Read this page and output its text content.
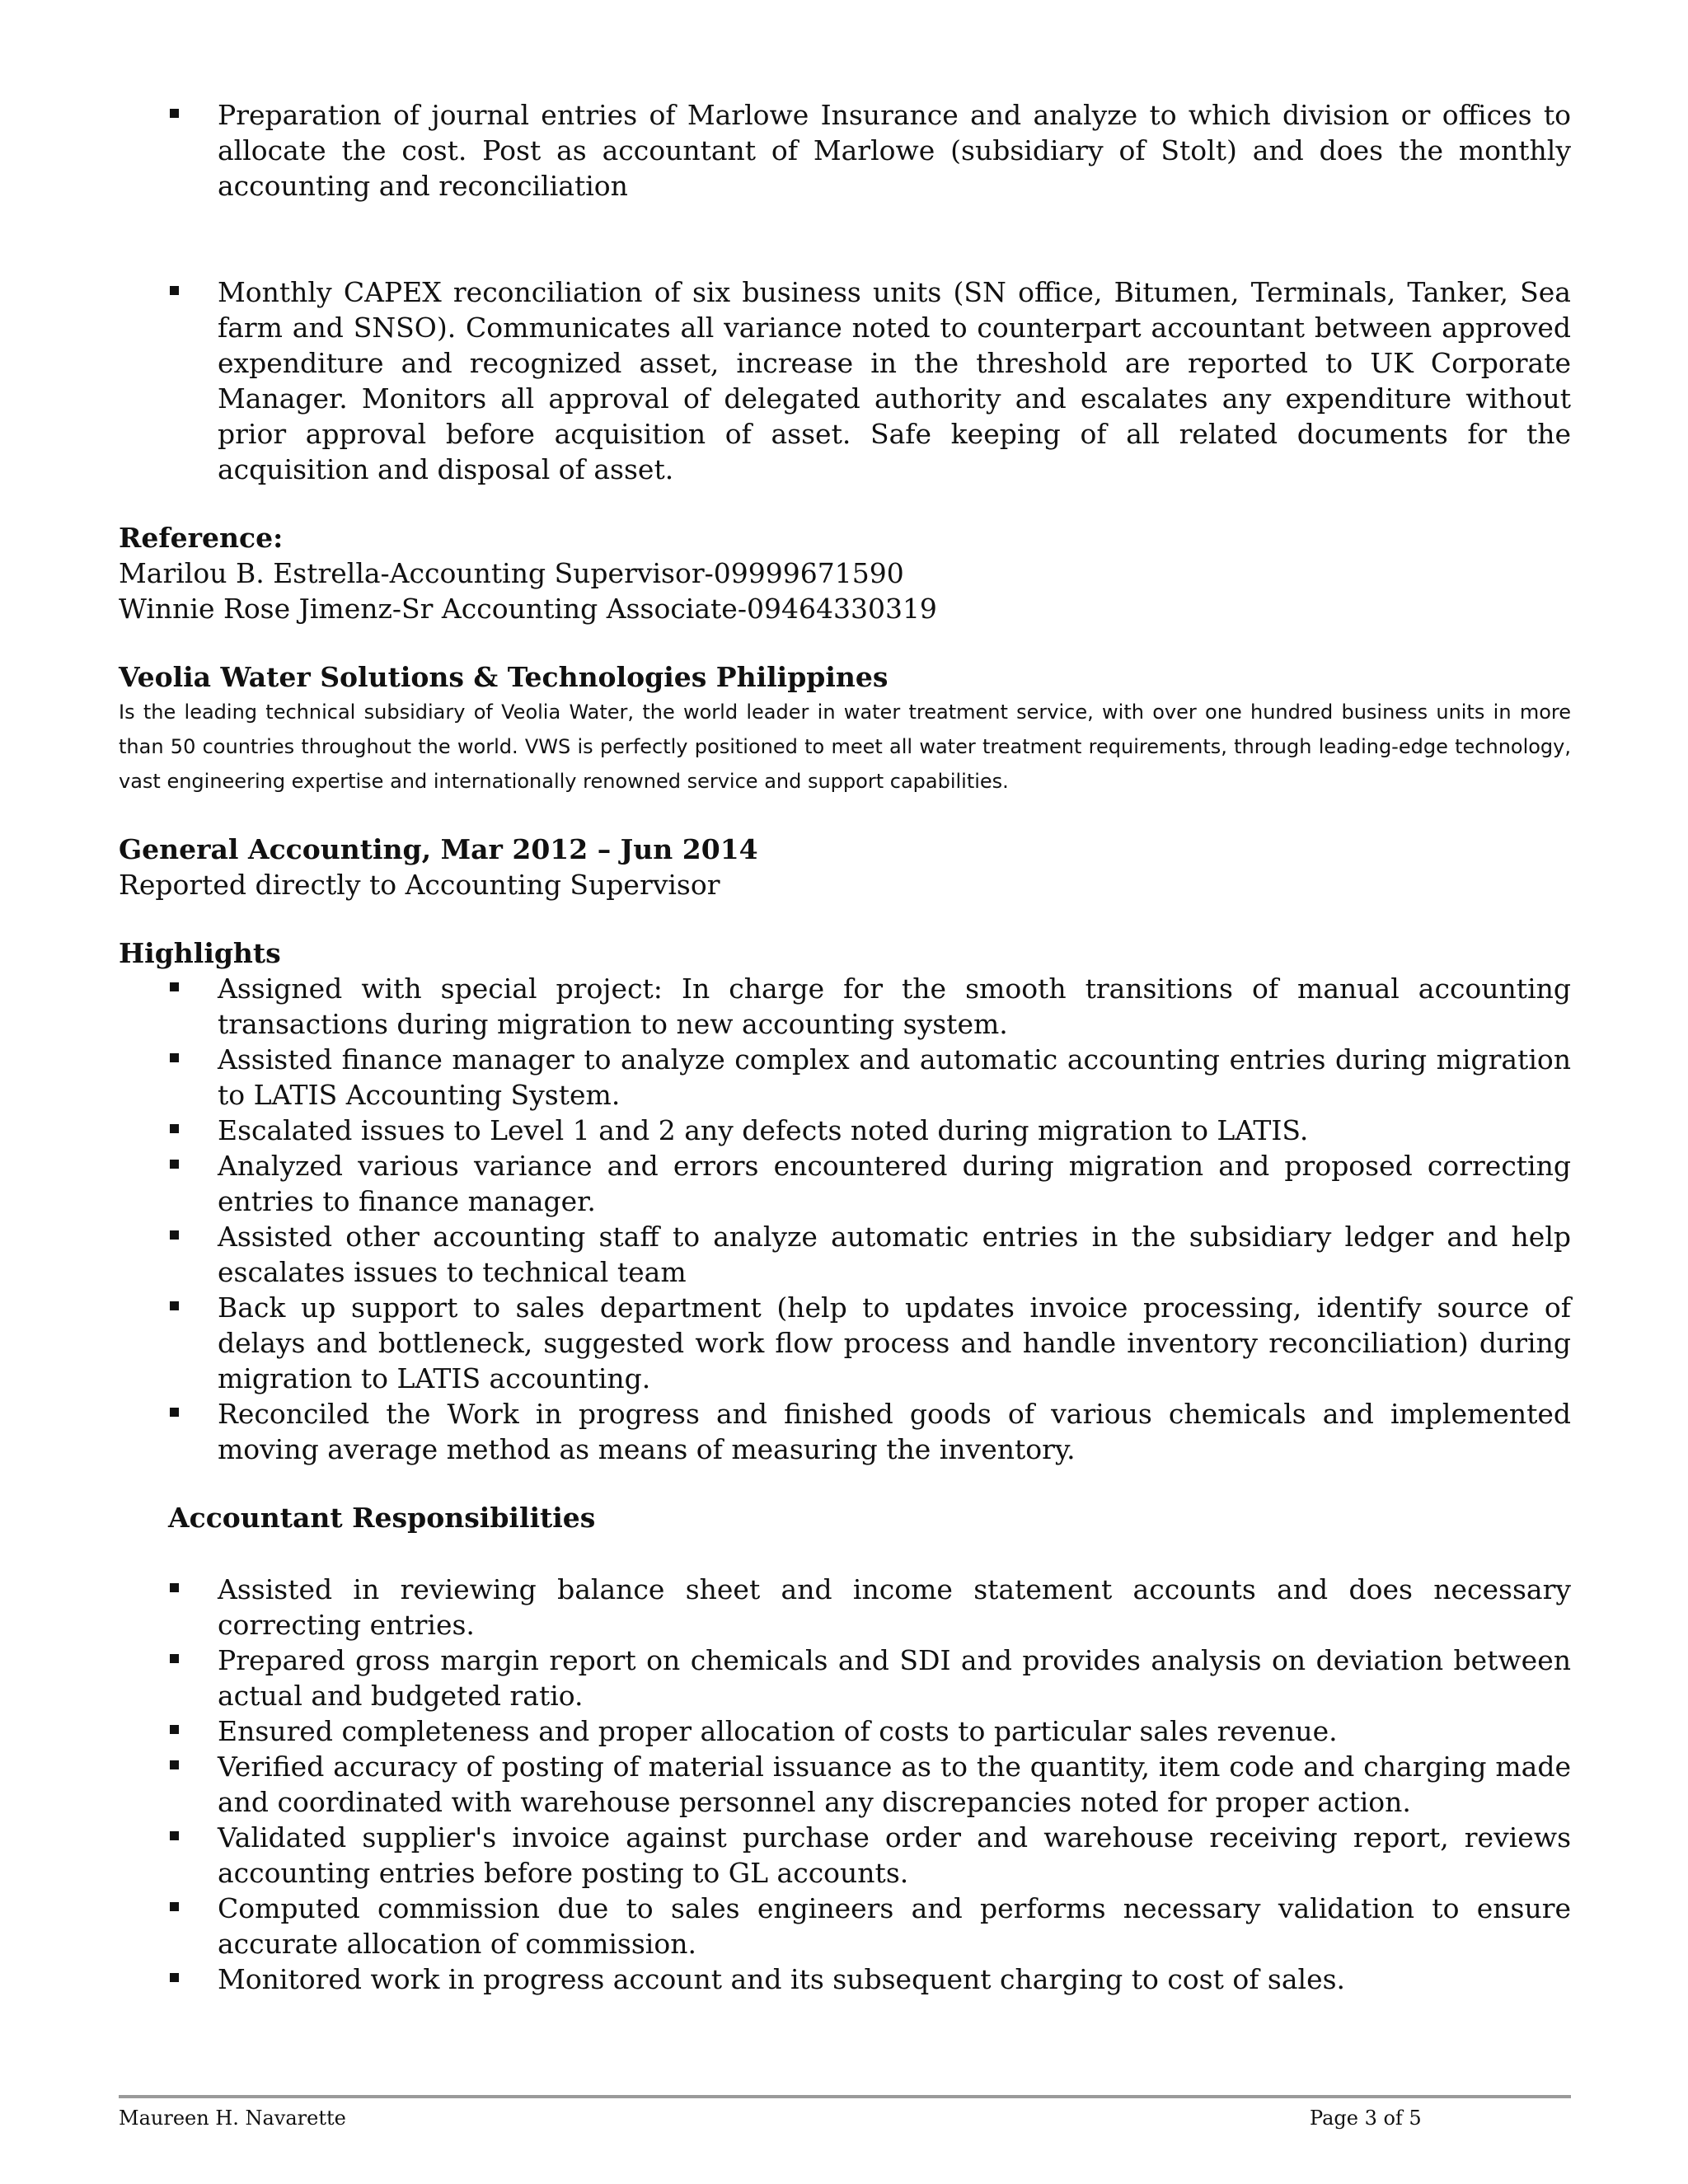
Preparation of journal entries of Marlowe Insurance and analyze to which division or offices to allocate the cost. Post as accountant of Marlowe (subsidiary of Stolt) and does the monthly accounting and reconciliation
Monthly CAPEX reconciliation of six business units (SN office, Bitumen, Terminals, Tanker, Sea farm and SNSO). Communicates all variance noted to counterpart accountant between approved expenditure and recognized asset, increase in the threshold are reported to UK Corporate Manager. Monitors all approval of delegated authority and escalates any expenditure without prior approval before acquisition of asset. Safe keeping of all related documents for the acquisition and disposal of asset.
Reference:
Marilou B. Estrella-Accounting Supervisor-09999671590
Winnie Rose Jimenz-Sr Accounting Associate-09464330319
Veolia Water Solutions & Technologies Philippines
Is the leading technical subsidiary of Veolia Water, the world leader in water treatment service, with over one hundred business units in more than 50 countries throughout the world. VWS is perfectly positioned to meet all water treatment requirements, through leading-edge technology, vast engineering expertise and internationally renowned service and support capabilities.
General Accounting, Mar 2012 – Jun 2014
Reported directly to Accounting Supervisor
Highlights
Assigned with special project: In charge for the smooth transitions of manual accounting transactions during migration to new accounting system.
Assisted finance manager to analyze complex and automatic accounting entries during migration to LATIS Accounting System.
Escalated issues to Level 1 and 2 any defects noted during migration to LATIS.
Analyzed various variance and errors encountered during migration and proposed correcting entries to finance manager.
Assisted other accounting staff to analyze automatic entries in the subsidiary ledger and help escalates issues to technical team
Back up support to sales department (help to updates invoice processing, identify source of delays and bottleneck, suggested work flow process and handle inventory reconciliation) during migration to LATIS accounting.
Reconciled the Work in progress and finished goods of various chemicals and implemented moving average method as means of measuring the inventory.
Accountant Responsibilities
Assisted in reviewing balance sheet and income statement accounts and does necessary correcting entries.
Prepared gross margin report on chemicals and SDI and provides analysis on deviation between actual and budgeted ratio.
Ensured completeness and proper allocation of costs to particular sales revenue.
Verified accuracy of posting of material issuance as to the quantity, item code and charging made and coordinated with warehouse personnel any discrepancies noted for proper action.
Validated supplier's invoice against purchase order and warehouse receiving report, reviews accounting entries before posting to GL accounts.
Computed commission due to sales engineers and performs necessary validation to ensure accurate allocation of commission.
Monitored work in progress account and its subsequent charging to cost of sales.
Maureen H. Navarette	Page 3 of 5
